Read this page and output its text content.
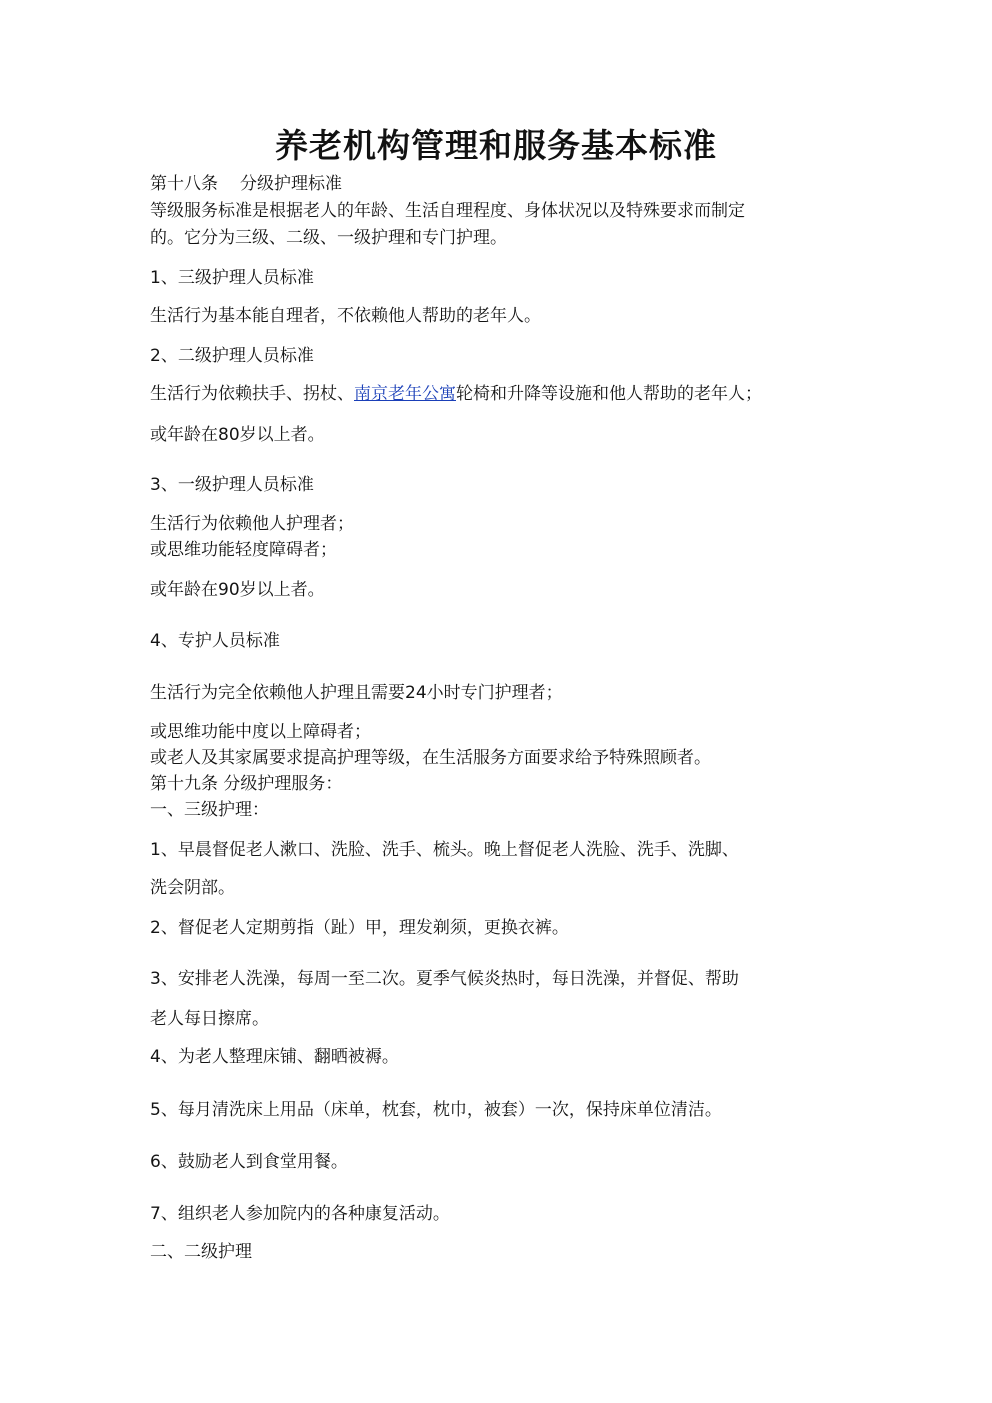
养老机构管理和服务基本标准
第十八条 分级护理标准
等级服务标准是根据老人的年龄、生活自理程度、身体状况以及特殊要求而制定
的。它分为三级、二级、一级护理和专门护理。
1、三级护理人员标准
生活行为基本能自理者，不依赖他人帮助的老年人。
2、二级护理人员标准
生活行为依赖扶手、拐杖、南京老年公寓轮椅和升降等设施和他人帮助的老年人；
或年龄在80岁以上者。
3、一级护理人员标准
生活行为依赖他人护理者；
或思维功能轻度障碍者；
或年龄在90岁以上者。
4、专护人员标准
生活行为完全依赖他人护理且需要24小时专门护理者；
或思维功能中度以上障碍者；
或老人及其家属要求提高护理等级，在生活服务方面要求给予特殊照顾者。
第十九条 分级护理服务：
一、三级护理：
1、早晨督促老人漱口、洗脸、洗手、梳头。晚上督促老人洗脸、洗手、洗脚、
洗会阴部。
2、督促老人定期剪指（趾）甲，理发剃须，更换衣裤。
3、安排老人洗澡，每周一至二次。夏季气候炎热时，每日洗澡，并督促、帮助
老人每日擦席。
4、为老人整理床铺、翻晒被褥。
5、每月清洗床上用品（床单，枕套，枕巾，被套）一次，保持床单位清洁。
6、鼓励老人到食堂用餐。
7、组织老人参加院内的各种康复活动。
二、二级护理
